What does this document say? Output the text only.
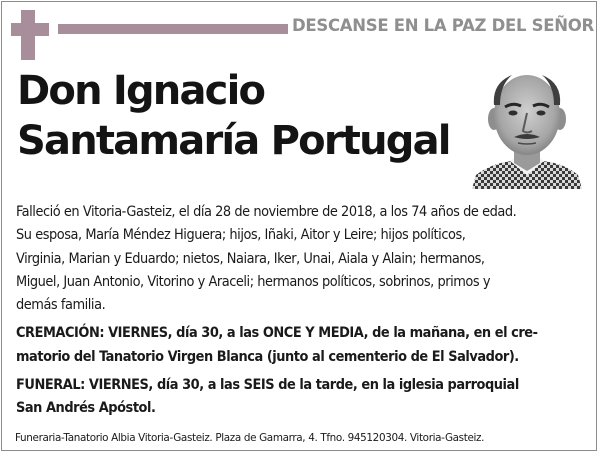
DESCANSE EN LA PAZ DEL SEÑOR
Don Ignacio
Santamaría Portugal

Falleció en Vitoria-Gasteiz, el día 28 de noviembre de 2018, a los 74 años de edad.
Su esposa, María Méndez Higuera; hijos, Iñaki, Aitor y Leire; hijos políticos,
Virginia, Marian y Eduardo; nietos, Naiara, Iker, Unai, Aiala y Alain; hermanos,
Miguel, Juan Antonio, Vitorino y Araceli; hermanos políticos, sobrinos, primos y
demás familia.

CREMACIÓN: VIERNES, día 30, a las ONCE Y MEDIA, de la mañana, en el cre-
matorio del Tanatorio Virgen Blanca (junto al cementerio de El Salvador).

FUNERAL: VIERNES, día 30, a las SEIS de la tarde, en la iglesia parroquial
San Andrés Apóstol.

Funeraria-Tanatorio Albia Vitoria-Gasteiz. Plaza de Gamarra, 4. Tfno. 945120304. Vitoria-Gasteiz.
